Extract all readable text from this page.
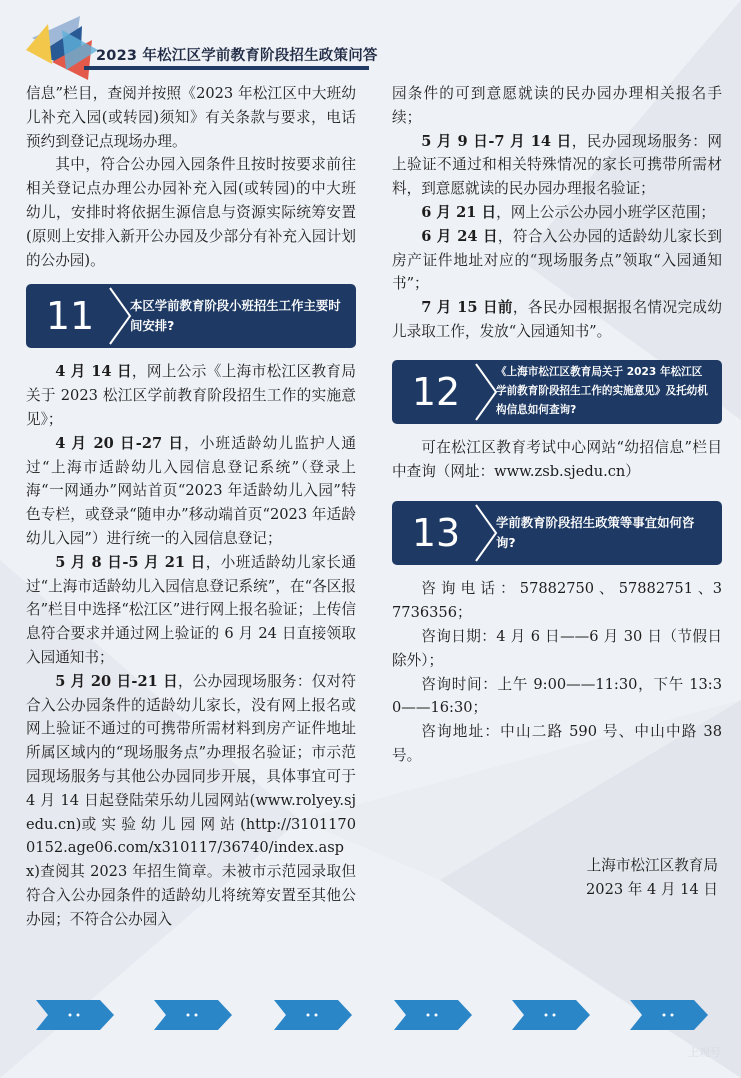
2023 年松江区学前教育阶段招生政策问答

信息”栏目，查阅并按照《2023 年松江区中大班幼儿补充入园(或转园)须知》有关条款与要求，电话预约到登记点现场办理。

其中，符合公办园入园条件且按时按要求前往相关登记点办理公办园补充入园(或转园)的中大班幼儿，安排时将依据生源信息与资源实际统筹安置(原则上安排入新开公办园及少部分有补充入园计划的公办园)。

11	本区学前教育阶段小班招生工作主要时间安排?

4 月 14 日，网上公示《上海市松江区教育局关于 2023 松江区学前教育阶段招生工作的实施意见》；

4 月 20 日-27 日，小班适龄幼儿监护人通过“上海市适龄幼儿入园信息登记系统”（登录上海“一网通办”网站首页“2023 年适龄幼儿入园”特色专栏，或登录“随申办”移动端首页“2023 年适龄幼儿入园”）进行统一的入园信息登记；

5 月 8 日-5 月 21 日，小班适龄幼儿家长通过“上海市适龄幼儿入园信息登记系统”，在“各区报名”栏目中选择“松江区”进行网上报名验证；上传信息符合要求并通过网上验证的 6 月 24 日直接领取入园通知书；

5 月 20 日-21 日，公办园现场服务：仅对符合入公办园条件的适龄幼儿家长，没有网上报名或网上验证不通过的可携带所需材料到房产证件地址所属区域内的“现场服务点”办理报名验证；市示范园现场服务与其他公办园同步开展，具体事宜可于 4 月 14 日起登陆荣乐幼儿园网站(www.rolyey.sjedu.cn)或 实 验 幼 儿 园 网 站 (http://31011700152.age06.com/x310117/36740/index.aspx)查阅其 2023 年招生简章。未被市示范园录取但符合入公办园条件的适龄幼儿将统筹安置至其他公办园；不符合公办园入

园条件的可到意愿就读的民办园办理相关报名手续；

5 月 9 日-7 月 14 日，民办园现场服务：网上验证不通过和相关特殊情况的家长可携带所需材料，到意愿就读的民办园办理报名验证；

6 月 21 日，网上公示公办园小班学区范围；

6 月 24 日，符合入公办园的适龄幼儿家长到房产证件地址对应的“现场服务点”领取“入园通知书”；

7 月 15 日前，各民办园根据报名情况完成幼儿录取工作，发放“入园通知书”。

12	《上海市松江区教育局关于 2023 年松江区学前教育阶段招生工作的实施意见》及托幼机构信息如何查询?

可在松江区教育考试中心网站“幼招信息”栏目中查询（网址：www.zsb.sjedu.cn）

13	学前教育阶段招生政策等事宜如何咨询?

咨 询 电 话 ： 57882750 、 57882751 、37736356；

咨询日期：4 月 6 日——6 月 30 日（节假日除外）；

咨询时间：上午 9:00——11:30，下午 13:30——16:30；

咨询地址：中山二路 590 号、中山中路 38 号。

上海市松江区教育局

2023 年 4 月 14 日

上观号
